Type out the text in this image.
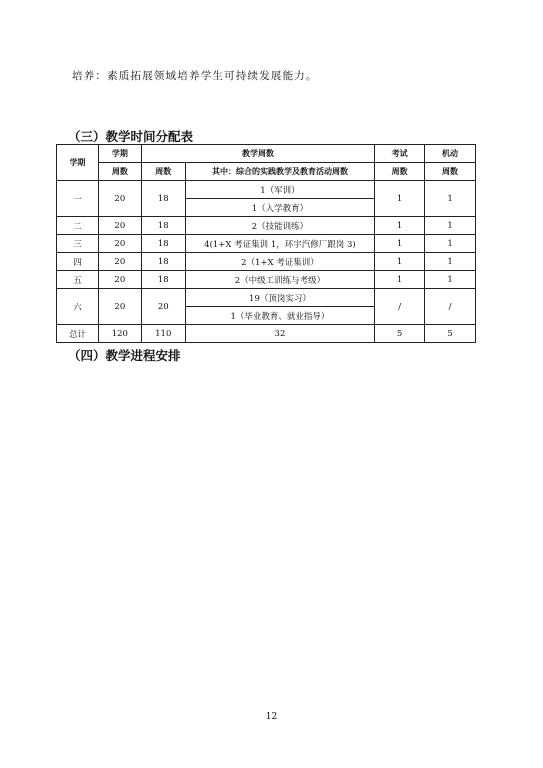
培养：素质拓展领域培养学生可持续发展能力。
（三）教学时间分配表
学期	学期	教学周数		考试	机动
	周数	周数	其中：综合的实践教学及教育活动周数	周数	周数
一	20	18	1（军训）	1	1
			1（入学教育）		
二	20	18	2（技能训练）	1	1
三	20	18	4(1+X 考证集训 1，环宇汽修厂跟岗 3)	1	1
四	20	18	2（1+X 考证集训）	1	1
五	20	18	2（中级工训练与考级）	1	1
六	20	20	19（顶岗实习）	/	/
			1（毕业教育、就业指导）		
总计	120	110	32	5	5
（四）教学进程安排
12
